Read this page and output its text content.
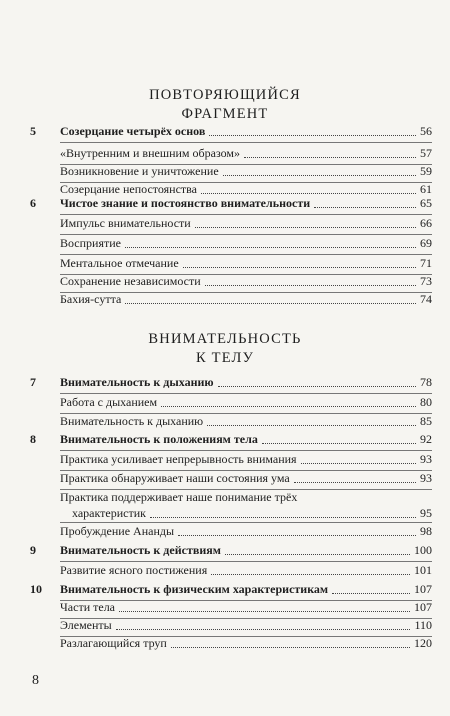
ПОВТОРЯЮЩИЙСЯ
ФРАГМЕНТ
5	Созерцание четырёх основ	56
«Внутренним и внешним образом»	57
Возникновение и уничтожение	59
Созерцание непостоянства	61
6	Чистое знание и постоянство внимательности	65
Импульс внимательности	66
Восприятие	69
Ментальное отмечание	71
Сохранение независимости	73
Бахия-сутта	74
ВНИМАТЕЛЬНОСТЬ
К ТЕЛУ
7	Внимательность к дыханию	78
Работа с дыханием	80
Внимательность к дыханию	85
8	Внимательность к положениям тела	92
Практика усиливает непрерывность внимания	93
Практика обнаруживает наши состояния ума	93
Практика поддерживает наше понимание трёх
характеристик	95
Пробуждение Ананды	98
9	Внимательность к действиям	100
Развитие ясного постижения	101
10	Внимательность к физическим характеристикам	107
Части тела	107
Элементы	110
Разлагающийся труп	120
8
